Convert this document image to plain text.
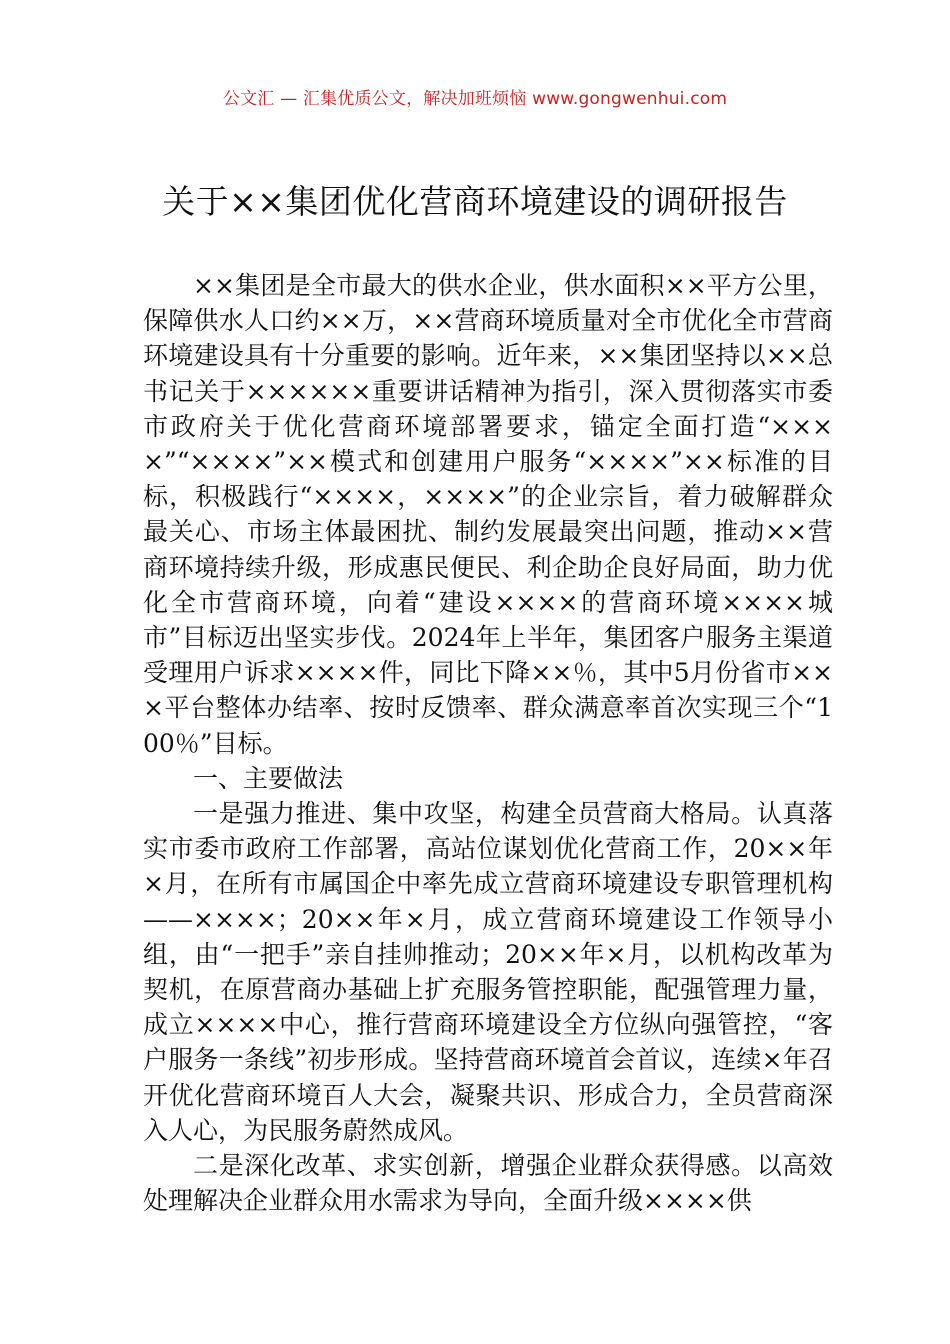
公文汇 — 汇集优质公文，解决加班烦恼 www.gongwenhui.com
关于××集团优化营商环境建设的调研报告

××集团是全市最大的供水企业，供水面积××平方公里，保障供水人口约××万，××营商环境质量对全市优化全市营商环境建设具有十分重要的影响。近年来，××集团坚持以××总书记关于××××××重要讲话精神为指引，深入贯彻落实市委市政府关于优化营商环境部署要求，锚定全面打造“××××”“××××”××模式和创建用户服务“××××”××标准的目标，积极践行“××××，××××”的企业宗旨，着力破解群众最关心、市场主体最困扰、制约发展最突出问题，推动××营商环境持续升级，形成惠民便民、利企助企良好局面，助力优化全市营商环境，向着“建设××××的营商环境××××城市”目标迈出坚实步伐。2024年上半年，集团客户服务主渠道受理用户诉求××××件，同比下降××％，其中5月份省市×××平台整体办结率、按时反馈率、群众满意率首次实现三个“100％”目标。

一、主要做法

一是强力推进、集中攻坚，构建全员营商大格局。认真落实市委市政府工作部署，高站位谋划优化营商工作，20××年×月，在所有市属国企中率先成立营商环境建设专职管理机构——××××；20××年×月，成立营商环境建设工作领导小组，由“一把手”亲自挂帅推动；20××年×月，以机构改革为契机，在原营商办基础上扩充服务管控职能，配强管理力量，成立××××中心，推行营商环境建设全方位纵向强管控，“客户服务一条线”初步形成。坚持营商环境首会首议，连续×年召开优化营商环境百人大会，凝聚共识、形成合力，全员营商深入人心，为民服务蔚然成风。

二是深化改革、求实创新，增强企业群众获得感。以高效处理解决企业群众用水需求为导向，全面升级××××供
